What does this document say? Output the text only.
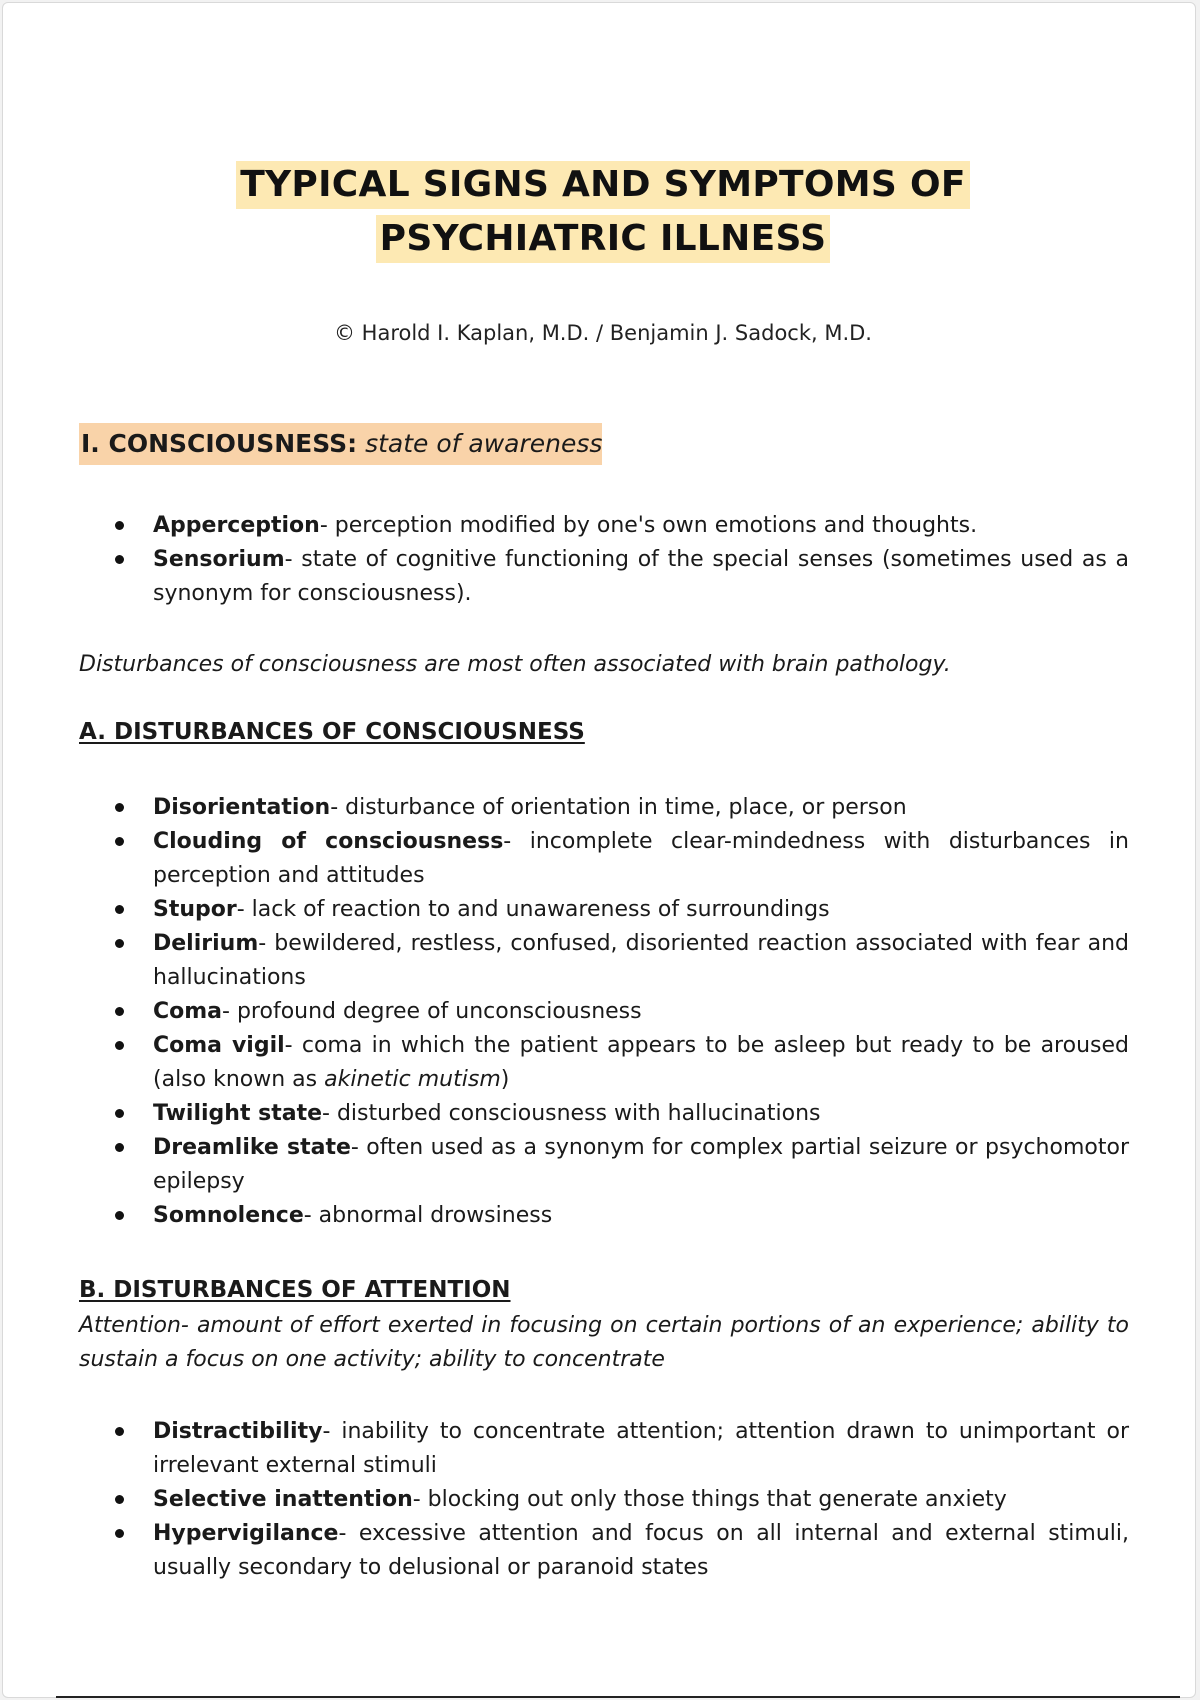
TYPICAL SIGNS AND SYMPTOMS OF
PSYCHIATRIC ILLNESS
© Harold I. Kaplan, M.D. / Benjamin J. Sadock, M.D.
I. CONSCIOUSNESS: state of awareness
Apperception- perception modified by one's own emotions and thoughts.
Sensorium- state of cognitive functioning of the special senses (sometimes used as a synonym for consciousness).
Disturbances of consciousness are most often associated with brain pathology.
A. DISTURBANCES OF CONSCIOUSNESS
Disorientation- disturbance of orientation in time, place, or person
Clouding of consciousness- incomplete clear-mindedness with disturbances in perception and attitudes
Stupor- lack of reaction to and unawareness of surroundings
Delirium- bewildered, restless, confused, disoriented reaction associated with fear and hallucinations
Coma- profound degree of unconsciousness
Coma vigil- coma in which the patient appears to be asleep but ready to be aroused (also known as akinetic mutism)
Twilight state- disturbed consciousness with hallucinations
Dreamlike state- often used as a synonym for complex partial seizure or psychomotor epilepsy
Somnolence- abnormal drowsiness
B. DISTURBANCES OF ATTENTION
Attention- amount of effort exerted in focusing on certain portions of an experience; ability to sustain a focus on one activity; ability to concentrate
Distractibility- inability to concentrate attention; attention drawn to unimportant or irrelevant external stimuli
Selective inattention- blocking out only those things that generate anxiety
Hypervigilance- excessive attention and focus on all internal and external stimuli, usually secondary to delusional or paranoid states
